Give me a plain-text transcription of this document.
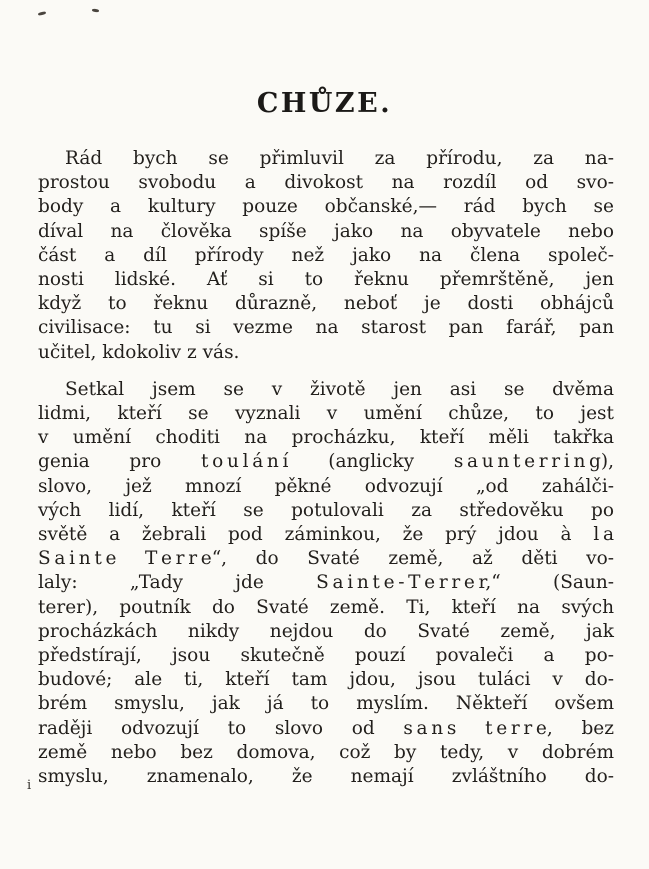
CHŮZE.
Rád bych se přimluvil za přírodu, za na-
prostou svobodu a divokost na rozdíl od svo-
body a kultury pouze občanské,— rád bych se
díval na člověka spíše jako na obyvatele nebo
část a díl přírody než jako na člena společ-
nosti lidské. Ať si to řeknu přemrštěně, jen
když to řeknu důrazně, neboť je dosti obhájců
civilisace: tu si vezme na starost pan farář, pan
učitel, kdokoliv z vás.
Setkal jsem se v životě jen asi se dvěma
lidmi, kteří se vyznali v umění chůze, to jest
v umění choditi na procházku, kteří měli takřka
genia pro t o u l á n í (anglicky s a u n t e r r i n g),
slovo, jež mnozí pěkné odvozují „od zahálči-
vých lidí, kteří se potulovali za středověku po
světě a žebrali pod záminkou, že prý jdou à l a
S a i n t e T e r r e“, do Svaté země, až děti vo-
laly: „Tady jde S a i n t e - T e r r e r,“ (Saun-
terer), poutník do Svaté země. Ti, kteří na svých
procházkách nikdy nejdou do Svaté země, jak
předstírají, jsou skutečně pouzí povaleči a po-
budové; ale ti, kteří tam jdou, jsou tuláci v do-
brém smyslu, jak já to myslím. Někteří ovšem
raději odvozují to slovo od s a n s t e r r e, bez
země nebo bez domova, což by tedy, v dobrém
smyslu, znamenalo, že nemají zvláštního do-
i
